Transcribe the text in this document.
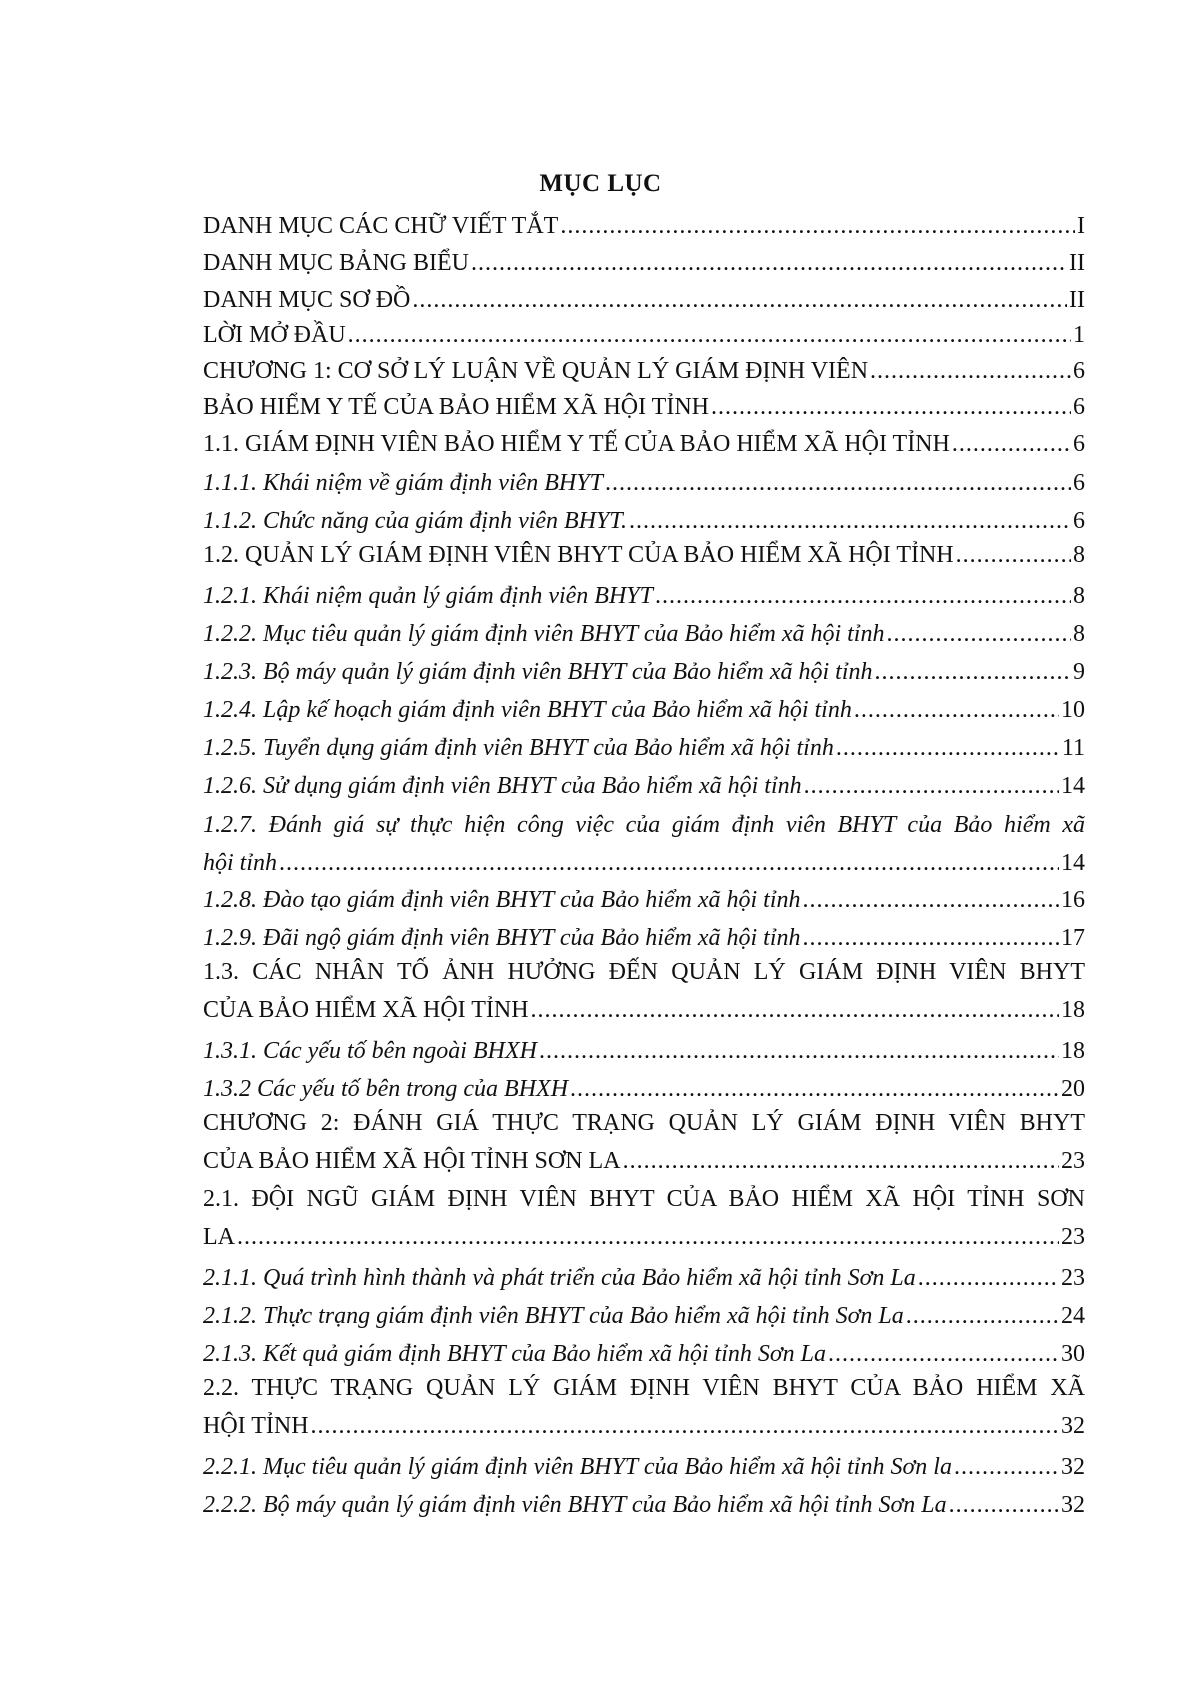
MỤC LỤC
DANH MỤC CÁC CHỮ VIẾT TẮT .....	I
DANH MỤC BẢNG BIỂU .....	II
DANH MỤC SƠ ĐỒ .....	II
LỜI MỞ ĐẦU .....	1
CHƯƠNG 1: CƠ SỞ LÝ LUẬN VỀ QUẢN LÝ GIÁM ĐỊNH VIÊN .....	6
BẢO HIỂM Y TẾ CỦA BẢO HIỂM XÃ HỘI TỈNH .....	6
1.1. GIÁM ĐỊNH VIÊN BẢO HIỂM Y TẾ CỦA BẢO HIỂM XÃ HỘI TỈNH .....	6
1.1.1. Khái niệm về giám định viên BHYT .....	6
1.1.2. Chức năng của giám định viên BHYT. .....	6
1.2. QUẢN LÝ GIÁM ĐỊNH VIÊN BHYT CỦA BẢO HIỂM XÃ HỘI TỈNH .....	8
1.2.1. Khái niệm quản lý giám định viên BHYT .....	8
1.2.2. Mục tiêu quản lý giám định viên BHYT của Bảo hiểm xã hội tỉnh .....	8
1.2.3. Bộ máy quản lý giám định viên BHYT của Bảo hiểm xã hội tỉnh .....	9
1.2.4. Lập kế hoạch giám định viên BHYT của Bảo hiểm xã hội tỉnh .....	10
1.2.5. Tuyển dụng giám định viên BHYT của Bảo hiểm xã hội tỉnh .....	11
1.2.6. Sử dụng giám định viên BHYT của Bảo hiểm xã hội tỉnh .....	14
1.2.7. Đánh giá sự thực hiện công việc của giám định viên BHYT của Bảo hiểm xã
hội tỉnh .....	14
1.2.8. Đào tạo giám định viên BHYT của Bảo hiểm xã hội tỉnh .....	16
1.2.9. Đãi ngộ giám định viên BHYT của Bảo hiểm xã hội tỉnh .....	17
1.3. CÁC NHÂN TỐ ẢNH HƯỞNG ĐẾN QUẢN LÝ GIÁM ĐỊNH VIÊN BHYT
CỦA BẢO HIỂM XÃ HỘI TỈNH .....	18
1.3.1. Các yếu tố bên ngoài BHXH .....	18
1.3.2 Các yếu tố bên trong của BHXH .....	20
CHƯƠNG 2: ĐÁNH GIÁ THỰC TRẠNG QUẢN LÝ GIÁM ĐỊNH VIÊN BHYT
CỦA BẢO HIỂM XÃ HỘI TỈNH SƠN LA .....	23
2.1. ĐỘI NGŨ GIÁM ĐỊNH VIÊN BHYT CỦA BẢO HIỂM XÃ HỘI TỈNH SƠN
LA .....	23
2.1.1. Quá trình hình thành và phát triển của Bảo hiểm xã hội tỉnh Sơn La .....	23
2.1.2. Thực trạng giám định viên BHYT của Bảo hiểm xã hội tỉnh Sơn La .....	24
2.1.3. Kết quả giám định BHYT của Bảo hiểm xã hội tỉnh Sơn La .....	30
2.2. THỰC TRẠNG QUẢN LÝ GIÁM ĐỊNH VIÊN BHYT CỦA BẢO HIỂM XÃ
HỘI TỈNH .....	32
2.2.1. Mục tiêu quản lý giám định viên BHYT của Bảo hiểm xã hội tỉnh Sơn la .....	32
2.2.2. Bộ máy quản lý giám định viên BHYT của Bảo hiểm xã hội tỉnh Sơn La .....	32
